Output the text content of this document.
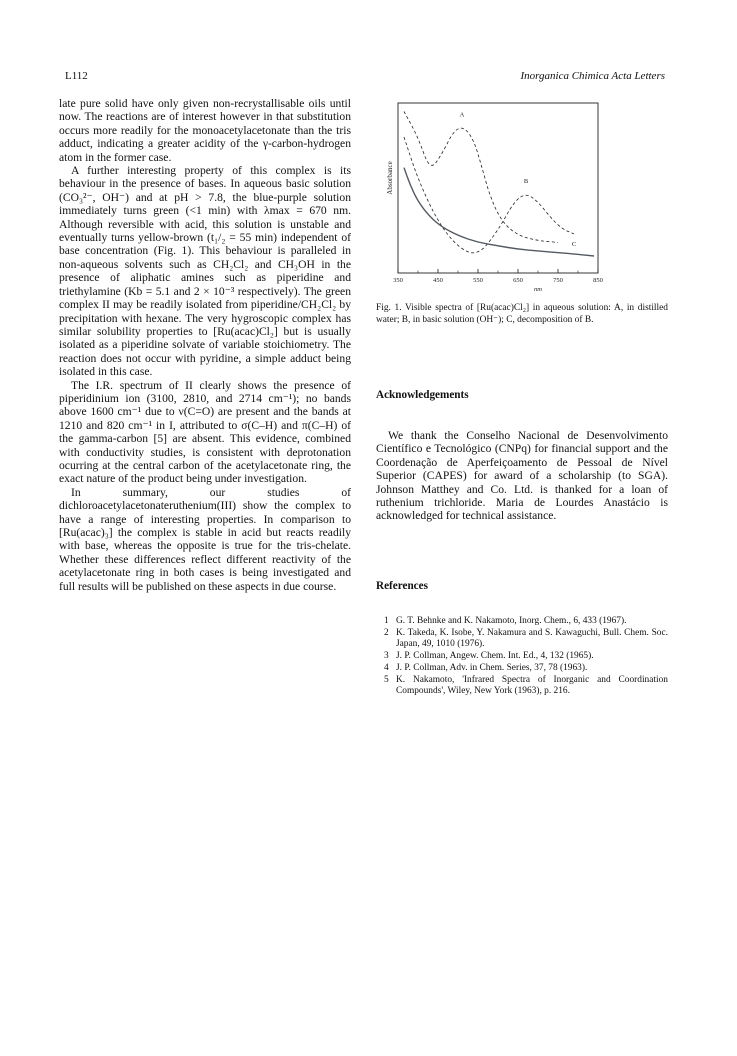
L112	Inorganica Chimica Acta Letters

late pure solid have only given non-recrystallisable oils until now. The reactions are of interest however in that substitution occurs more readily for the monoacetylacetonate than the tris adduct, indicating a greater acidity of the γ-carbon-hydrogen atom in the former case.

A further interesting property of this complex is its behaviour in the presence of bases. In aqueous basic solution (CO₃²⁻, OH⁻) and at pH > 7.8, the blue-purple solution immediately turns green (<1 min) with λmax = 670 nm. Although reversible with acid, this solution is unstable and eventually turns yellow-brown (t₁/₂ = 55 min) independent of base concentration (Fig. 1). This behaviour is paralleled in non-aqueous solvents such as CH₂Cl₂ and CH₃OH in the presence of aliphatic amines such as piperidine and triethylamine (Kb = 5.1 and 2 × 10⁻³ respectively). The green complex II may be readily isolated from piperidine/CH₂Cl₂ by precipitation with hexane. The very hygroscopic complex has similar solubility properties to [Ru(acac)Cl₂] but is usually isolated as a piperidine solvate of variable stoichiometry. The reaction does not occur with pyridine, a simple adduct being isolated in this case.

The I.R. spectrum of II clearly shows the presence of piperidinium ion (3100, 2810, and 2714 cm⁻¹); no bands above 1600 cm⁻¹ due to ν(C=O) are present and the bands at 1210 and 820 cm⁻¹ in I, attributed to σ(C–H) and π(C–H) of the gamma-carbon [5] are absent. This evidence, combined with conductivity studies, is consistent with deprotonation ocurring at the central carbon of the acetylacetonate ring, the exact nature of the product being under investigation.

In summary, our studies of dichloroacetylacetonateruthenium(III) show the complex to have a range of interesting properties. In comparison to [Ru(acac)₃] the complex is stable in acid but reacts readily with base, whereas the opposite is true for the tris-chelate. Whether these differences reflect different reactivity of the acetylacetonate ring in both cases is being investigated and full results will be published on these aspects in due course.

350	450	550	650	750	850
nm
Absorbance
A
B
C
Fig. 1. Visible spectra of [Ru(acac)Cl₂] in aqueous solution: A, in distilled water; B, in basic solution (OH⁻); C, decomposition of B.
Acknowledgements

We thank the Conselho Nacional de Desenvolvimento Científico e Tecnológico (CNPq) for financial support and the Coordenação de Aperfeiçoamento de Pessoal de Nível Superior (CAPES) for award of a scholarship (to SGA). Johnson Matthey and Co. Ltd. is thanked for a loan of ruthenium trichloride. Maria de Lourdes Anastácio is acknowledged for technical assistance.

References
1 G. T. Behnke and K. Nakamoto, Inorg. Chem., 6, 433 (1967).
2 K. Takeda, K. Isobe, Y. Nakamura and S. Kawaguchi, Bull. Chem. Soc. Japan, 49, 1010 (1976).
3 J. P. Collman, Angew. Chem. Int. Ed., 4, 132 (1965).
4 J. P. Collman, Adv. in Chem. Series, 37, 78 (1963).
5 K. Nakamoto, 'Infrared Spectra of Inorganic and Coordination Compounds', Wiley, New York (1963), p. 216.
